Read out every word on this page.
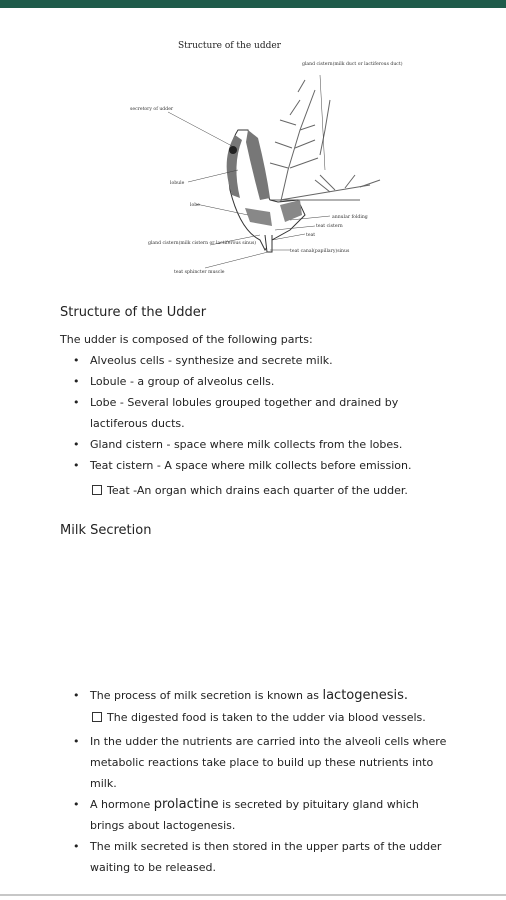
Structure of the udder
gland cistern(milk duct or lactiferous duct)
secretory of udder
lobule
lobe
annular folding
teat cistern
teat
gland cistern(milk cistern or lactiferous sinus)
teat canal(papillary)sinus
teat sphincter muscle
Structure of the Udder

The udder is composed of the following parts:

• Alveolus cells - synthesize and secrete milk.
• Lobule - a group of alveolus cells.
• Lobe - Several lobules grouped together and drained by lactiferous ducts.
• Gland cistern - space where milk collects from the lobes.
• Teat cistern - A space where milk collects before emission.
Teat -An organ which drains each quarter of the udder.
Milk Secretion
• The process of milk secretion is known as lactogenesis.
The digested food is taken to the udder via blood vessels.
• In the udder the nutrients are carried into the alveoli cells where metabolic reactions take place to build up these nutrients into milk.
• A hormone prolactine is secreted by pituitary gland which brings about lactogenesis.
• The milk secreted is then stored in the upper parts of the udder waiting to be released.
